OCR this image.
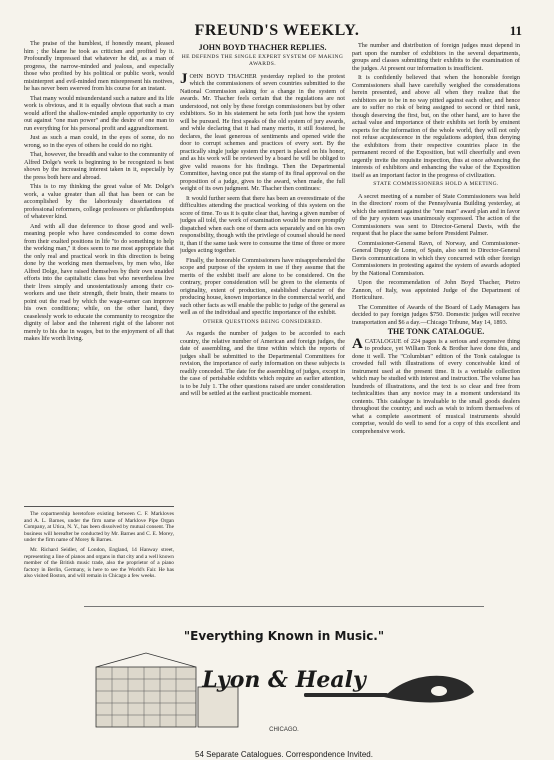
FREUND'S WEEKLY.	11

The praise of the humblest, if honestly meant, pleased him ; the blame he took as criticism and profited by it. Profoundly impressed that whatever he did, as a man of progress, the narrow-minded and jealous, and especially those who profited by his political or public work, would misinterpret and evil-minded men misrepresent his motives, he has never been swerved from his course for an instant.

That many would misunderstand such a nature and its life work is obvious, and it is equally obvious that such a man would afford the shallow-minded ample opportunity to cry out against "one man power" and the desire of one man to run everything for his personal profit and aggrandizement.

Just as such a man could, in the eyes of some, do no wrong, so in the eyes of others he could do no right.

That, however, the breadth and value to the community of Alfred Dolge's work is beginning to be recognized is best shown by the increasing interest taken in it, especially by the press both here and abroad.

This is to my thinking the great value of Mr. Dolge's work, a value greater than all that has been or can be accomplished by the laboriously dissertations of professional reformers, college professors or philanthropists of whatever kind.

And with all due deference to those good and well-meaning people who have condescended to come down from their exalted positions in life "to do something to help the working man," it does seem to me most appropriate that the only real and practical work in this direction is being done by the working men themselves, by men who, like Alfred Dolge, have raised themselves by their own unaided efforts into the capitalistic class but who nevertheless live their lives simply and unostentatiously among their co-workers and use their strength, their brain, their means to point out the road by which the wage-earner can improve his own conditions; while, on the other hand, they ceaselessly work to educate the community to recognize the dignity of labor and the inherent right of the laborer not merely to his due in wages, but to the enjoyment of all that makes life worth living.

The copartnership heretofore existing between C. F. Markloves and A. L. Barnes, under the firm name of Marklove Pipe Organ Company, at Utica, N. Y., has been dissolved by mutual consent. The business will hereafter be conducted by Mr. Barnes and C. E. Morey, under the firm name of Morey & Barnes.

Mr. Richard Seidler, of London, England, 14 Hanway street, representing a line of pianos and organs in that city and a well known member of the British music trade, also the proprietor of a piano factory in Berlin, Germany, is here to see the World's Fair. He has also visited Boston, and will remain in Chicago a few weeks.

JOHN BOYD THACHER REPLIES.
HE DEFENDS THE SINGLE EXPERT SYSTEM OF MAKING AWARDS.

JOHN BOYD THACHER yesterday replied to the protest which the commissioners of seven countries submitted to the National Commission asking for a change in the system of awards. Mr. Thacher feels certain that the regulations are not understood, not only by these foreign commissioners but by other exhibitors. So in his statement he sets forth just how the system will be pursued. He first speaks of the old system of jury awards, and while declaring that it had many merits, it still fostered, he declares, the least generous of sentiments and opened wide the door to corrupt schemes and practices of every sort. By the practically single judge system the expert is placed on his honor, and as his work will be reviewed by a board he will be obliged to give valid reasons for his findings. Then the Departmental Committee, having once put the stamp of its final approval on the proposition of a judge, gives to the award, when made, the full weight of its own judgment. Mr. Thacher then continues:

It would further seem that there has been an overestimate of the difficulties attending the practical working of this system on the score of time. To us it is quite clear that, having a given number of judges all told, the work of examination would be more promptly dispatched when each one of them acts separately and on his own responsibility, though with the privilege of counsel should he need it, than if the same task were to consume the time of three or more judges acting together.

Finally, the honorable Commissioners have misapprehended the scope and purpose of the system in use if they assume that the merits of the exhibit itself are alone to be considered. On the contrary, proper consideration will be given to the elements of originality, extent of production, established character of the producing house, known importance in the commercial world, and such other facts as will enable the public to judge of the general as well as of the individual and specific importance of the exhibit.

OTHER QUESTIONS BEING CONSIDERED.

As regards the number of judges to be accorded to each country, the relative number of American and foreign judges, the date of assembling, and the time within which the reports of judges shall be submitted to the Departmental Committees for revision, the importance of early information on these subjects is readily conceded. The date for the assembling of judges, except in the case of perishable exhibits which require an earlier attention, is to be July 1. The other questions raised are under consideration and will be settled at the earliest practicable moment.

The number and distribution of foreign judges must depend in part upon the number of exhibitors in the several departments, groups and classes submitting their exhibits to the examination of the judges. At present our information is insufficient.

It is confidently believed that when the honorable foreign Commissioners shall have carefully weighed the considerations herein presented, and above all when they realize that the exhibitors are to be in no way pitted against each other, and hence are to suffer no risk of being assigned to second or third rank, though deserving the first, but, on the other hand, are to have the actual value and importance of their exhibits set forth by eminent experts for the information of the whole world, they will not only not refuse acquiescence in the regulations adopted, thus denying the exhibitors from their respective countries place in the permanent record of the Exposition, but will cheerfully and even urgently invite the requisite inspection, thus at once advancing the interests of exhibitors and enhancing the value of the Exposition itself as an important factor in the progress of civilization.

STATE COMMISSIONERS HOLD A MEETING.

A secret meeting of a number of State Commissioners was held in the directors' room of the Pennsylvania Building yesterday, at which the sentiment against the "one man" award plan and in favor of the jury system was unanimously expressed. The action of the Commissioners was sent to Director-General Davis, with the request that he place the same before President Palmer.

Commissioner-General Ravn, of Norway, and Commissioner-General Dupuy de Lome, of Spain, also sent to Director-General Davis communications in which they concurred with other foreign Commissioners in protesting against the system of awards adopted by the National Commission.

Upon the recommendation of John Boyd Thacher, Pietro Zannon, of Italy, was appointed Judge of the Department of Horticulture.

The Committee of Awards of the Board of Lady Managers has decided to pay foreign judges $750. Domestic judges will receive transportation and $6 a day.—Chicago Tribune, May 14, 1893.

THE TONK CATALOGUE.

A CATALOGUE of 224 pages is a serious and expensive thing to produce, yet William Tonk & Brother have done this, and done it well. The "Columbian" edition of the Tonk catalogue is crowded full with illustrations of every conceivable kind of instrument used at the present time. It is a veritable collection which may be studied with interest and instruction. The volume has hundreds of illustrations, and the text is so clear and free from technicalities than any novice may in a moment understand its contents. This catalogue is invaluable to the small goods dealers throughout the country; and such as wish to inform themselves of what a complete assortment of musical instruments should comprise, would do well to send for a copy of this excellent and comprehensive work.

"Everything Known in Music."
Lyon & Healy
CHICAGO.
54 Separate Catalogues. Correspondence Invited.
